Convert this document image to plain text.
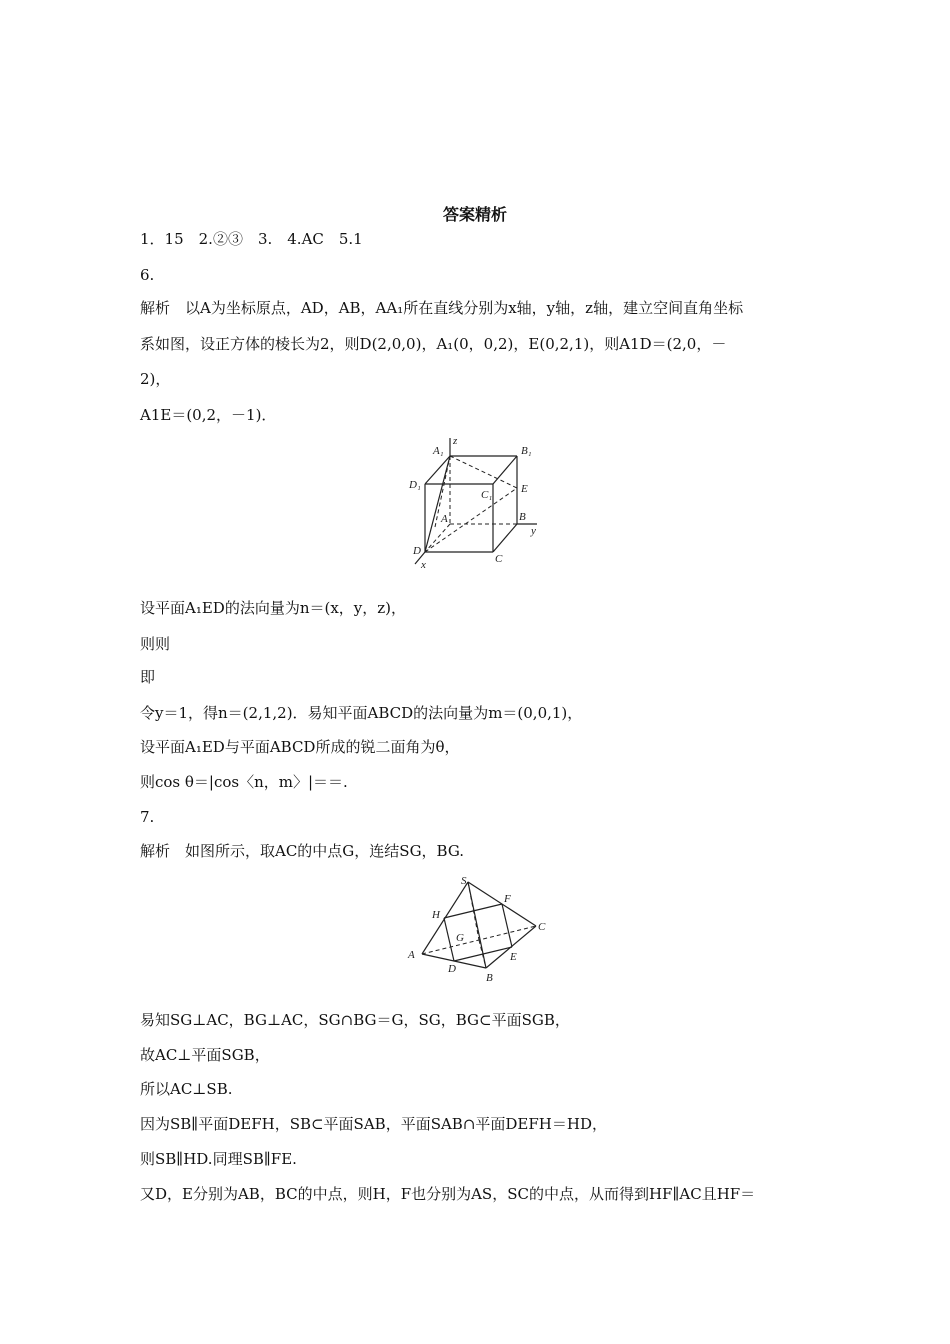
答案精析
1．15　2.②③　3.　4.AC　5.1
6.
解析　以A为坐标原点，AD，AB，AA₁所在直线分别为x轴，y轴，z轴，建立空间直角坐标
系如图，设正方体的棱长为2，则D(2,0,0)，A₁(0，0,2)，E(0,2,1)，则A1D＝(2,0，－
2)，
A1E＝(0,2，－1)．
A₁
z
B₁
D₁
C₁	E
A	B
y
D
C
x
设平面A₁ED的法向量为n＝(x，y，z)，
则则
即
令y＝1，得n＝(2,1,2)．易知平面ABCD的法向量为m＝(0,0,1)，
设平面A₁ED与平面ABCD所成的锐二面角为θ，
则cos θ＝|cos〈n，m〉|＝＝.
7.
解析　如图所示，取AC的中点G，连结SG，BG.
S
F
H
C
G
A	E
D
B
易知SG⊥AC，BG⊥AC，SG∩BG＝G，SG，BG⊂平面SGB，
故AC⊥平面SGB，
所以AC⊥SB.
因为SB∥平面DEFH，SB⊂平面SAB，平面SAB∩平面DEFH＝HD，
则SB∥HD.同理SB∥FE.
又D，E分别为AB，BC的中点，则H，F也分别为AS，SC的中点，从而得到HF∥AC且HF＝
